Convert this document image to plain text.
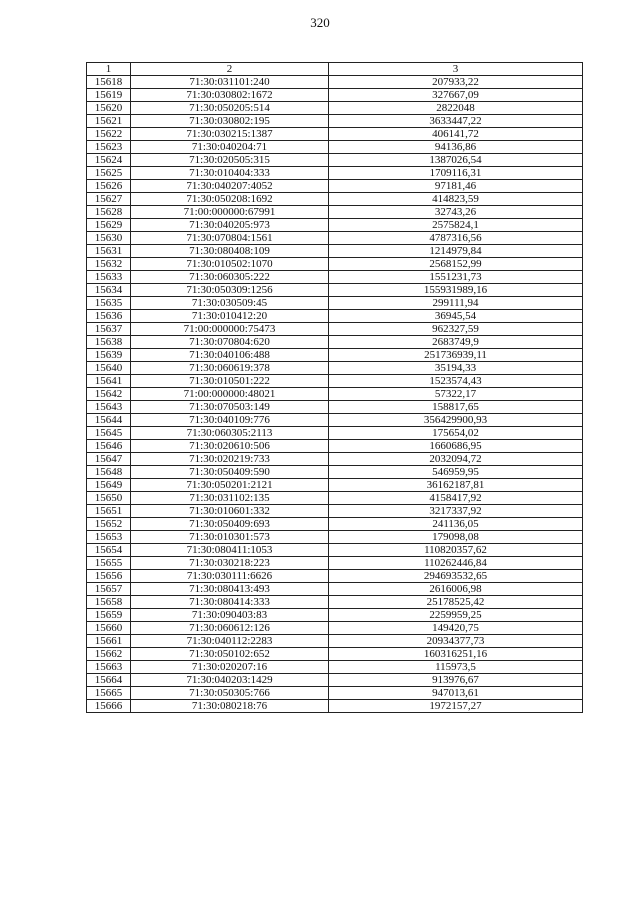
320
1	2	3
15618	71:30:031101:240	207933,22
15619	71:30:030802:1672	327667,09
15620	71:30:050205:514	2822048
15621	71:30:030802:195	3633447,22
15622	71:30:030215:1387	406141,72
15623	71:30:040204:71	94136,86
15624	71:30:020505:315	1387026,54
15625	71:30:010404:333	1709116,31
15626	71:30:040207:4052	97181,46
15627	71:30:050208:1692	414823,59
15628	71:00:000000:67991	32743,26
15629	71:30:040205:973	2575824,1
15630	71:30:070804:1561	4787316,56
15631	71:30:080408:109	1214979,84
15632	71:30:010502:1070	2568152,99
15633	71:30:060305:222	1551231,73
15634	71:30:050309:1256	155931989,16
15635	71:30:030509:45	299111,94
15636	71:30:010412:20	36945,54
15637	71:00:000000:75473	962327,59
15638	71:30:070804:620	2683749,9
15639	71:30:040106:488	251736939,11
15640	71:30:060619:378	35194,33
15641	71:30:010501:222	1523574,43
15642	71:00:000000:48021	57322,17
15643	71:30:070503:149	158817,65
15644	71:30:040109:776	356429900,93
15645	71:30:060305:2113	175654,02
15646	71:30:020610:506	1660686,95
15647	71:30:020219:733	2032094,72
15648	71:30:050409:590	546959,95
15649	71:30:050201:2121	36162187,81
15650	71:30:031102:135	4158417,92
15651	71:30:010601:332	3217337,92
15652	71:30:050409:693	241136,05
15653	71:30:010301:573	179098,08
15654	71:30:080411:1053	110820357,62
15655	71:30:030218:223	110262446,84
15656	71:30:030111:6626	294693532,65
15657	71:30:080413:493	2616006,98
15658	71:30:080414:333	25178525,42
15659	71:30:090403:83	2259959,25
15660	71:30:060612:126	149420,75
15661	71:30:040112:2283	20934377,73
15662	71:30:050102:652	160316251,16
15663	71:30:020207:16	115973,5
15664	71:30:040203:1429	913976,67
15665	71:30:050305:766	947013,61
15666	71:30:080218:76	1972157,27
